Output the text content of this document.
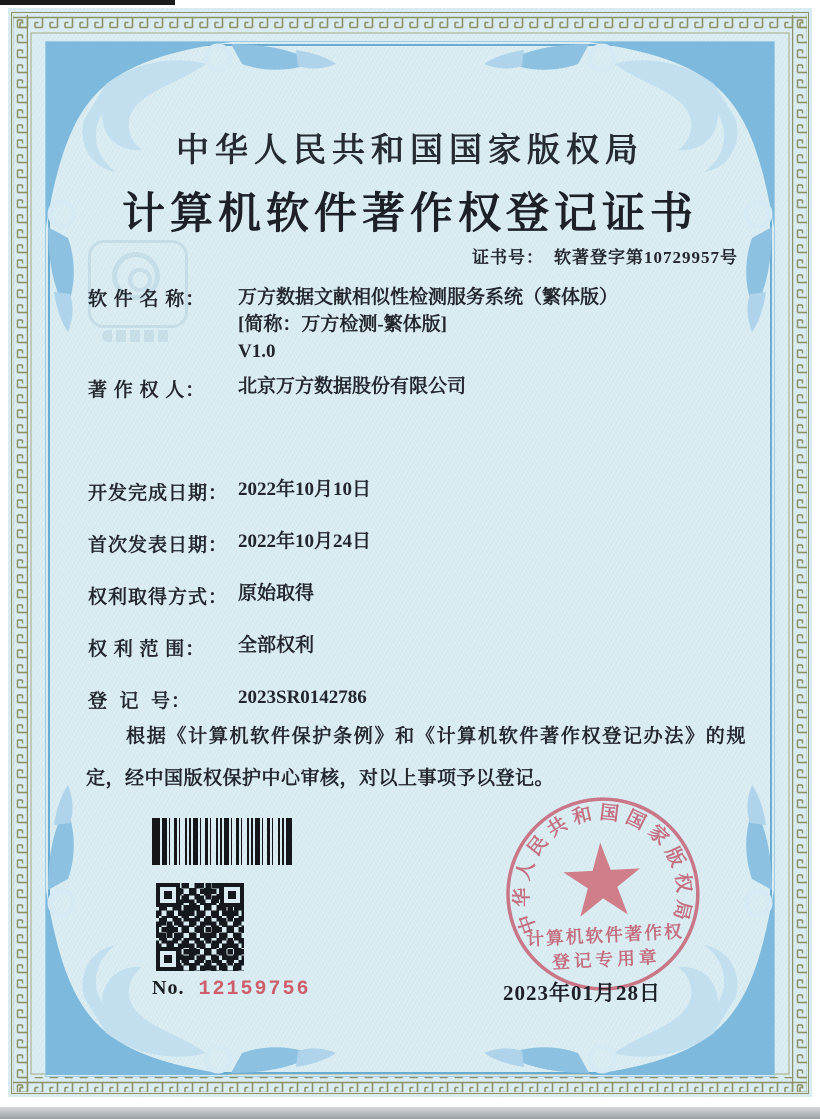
中华人民共和国国家版权局
计算机软件著作权登记证书
证书号： 软著登字第10729957号
软 件 名 称：	万方数据文献相似性检测服务系统（繁体版）
[简称：万方检测-繁体版]
V1.0
著 作 权 人：	北京万方数据股份有限公司
开发完成日期： 2022年10月10日
首次发表日期： 2022年10月24日
权利取得方式： 原始取得
权 利 范 围：	全部权利
登  记  号：	2023SR0142786
根据《计算机软件保护条例》和《计算机软件著作权登记办法》的规定，经中国版权保护中心审核，对以上事项予以登记。
中华人民共和国国家版权局
计算机软件著作权
登记专用章
No. 12159756	2023年01月28日
